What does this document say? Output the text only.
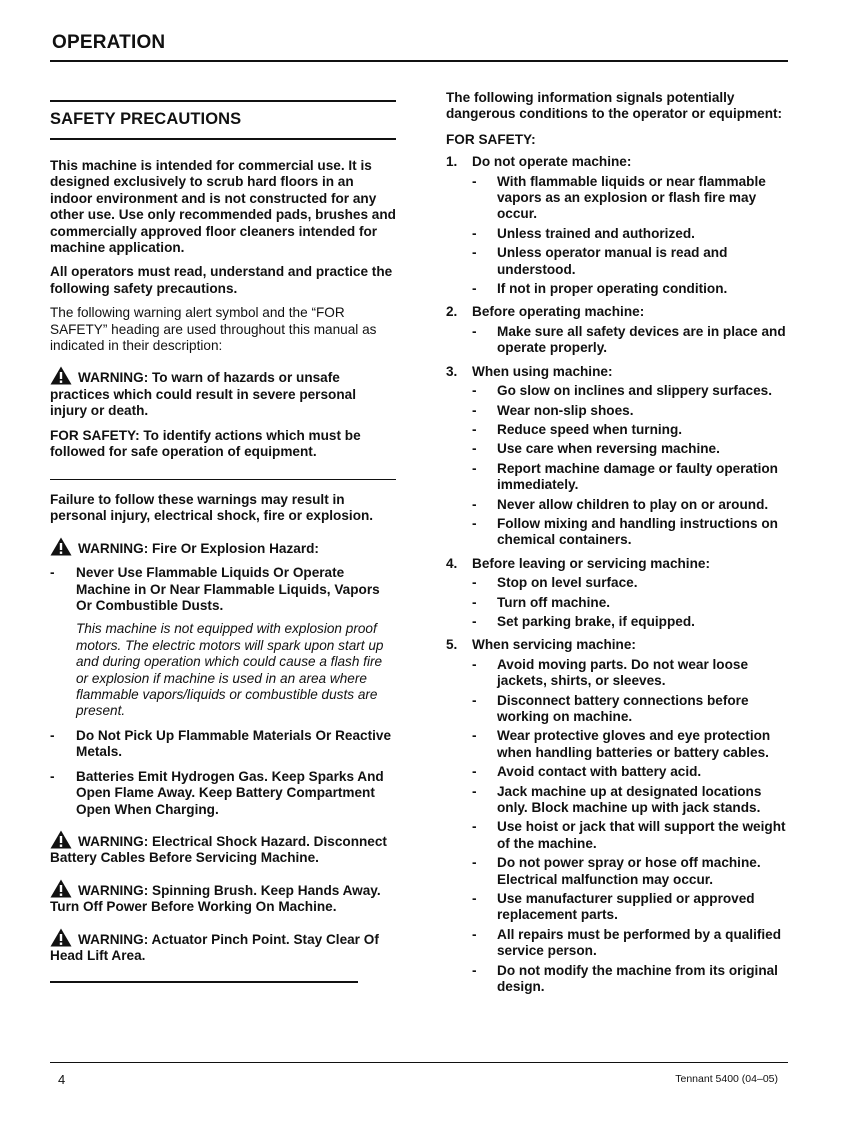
OPERATION
SAFETY PRECAUTIONS

This machine is intended for commercial use. It is designed exclusively to scrub hard floors in an indoor environment and is not constructed for any other use. Use only recommended pads, brushes and commercially approved floor cleaners intended for machine application.

All operators must read, understand and practice the following safety precautions.

The following warning alert symbol and the “FOR SAFETY” heading are used throughout this manual as indicated in their description:

WARNING: To warn of hazards or unsafe practices which could result in severe personal injury or death.

FOR SAFETY: To identify actions which must be followed for safe operation of equipment.

Failure to follow these warnings may result in personal injury, electrical shock, fire or explosion.

WARNING: Fire Or Explosion Hazard:

-	Never Use Flammable Liquids Or Operate Machine in Or Near Flammable Liquids, Vapors Or Combustible Dusts.

This machine is not equipped with explosion proof motors. The electric motors will spark upon start up and during operation which could cause a flash fire or explosion if machine is used in an area where flammable vapors/liquids or combustible dusts are present.

-	Do Not Pick Up Flammable Materials Or Reactive Metals.
-	Batteries Emit Hydrogen Gas. Keep Sparks And Open Flame Away. Keep Battery Compartment Open When Charging.

WARNING: Electrical Shock Hazard. Disconnect Battery Cables Before Servicing Machine.

WARNING: Spinning Brush. Keep Hands Away. Turn Off Power Before Working On Machine.

WARNING: Actuator Pinch Point. Stay Clear Of Head Lift Area.

The following information signals potentially dangerous conditions to the operator or equipment:

FOR SAFETY:

1.	Do not operate machine:
-	With flammable liquids or near flammable vapors as an explosion or flash fire may occur.
-	Unless trained and authorized.
-	Unless operator manual is read and understood.
-	If not in proper operating condition.
2.	Before operating machine:
-	Make sure all safety devices are in place and operate properly.
3.	When using machine:
-	Go slow on inclines and slippery surfaces.
-	Wear non-slip shoes.
-	Reduce speed when turning.
-	Use care when reversing machine.
-	Report machine damage or faulty operation immediately.
-	Never allow children to play on or around.
-	Follow mixing and handling instructions on chemical containers.
4.	Before leaving or servicing machine:
-	Stop on level surface.
-	Turn off machine.
-	Set parking brake, if equipped.
5.	When servicing machine:
-	Avoid moving parts. Do not wear loose jackets, shirts, or sleeves.
-	Disconnect battery connections before working on machine.
-	Wear protective gloves and eye protection when handling batteries or battery cables.
-	Avoid contact with battery acid.
-	Jack machine up at designated locations only. Block machine up with jack stands.
-	Use hoist or jack that will support the weight of the machine.
-	Do not power spray or hose off machine. Electrical malfunction may occur.
-	Use manufacturer supplied or approved replacement parts.
-	All repairs must be performed by a qualified service person.
-	Do not modify the machine from its original design.
4	Tennant 5400 (04–05)
